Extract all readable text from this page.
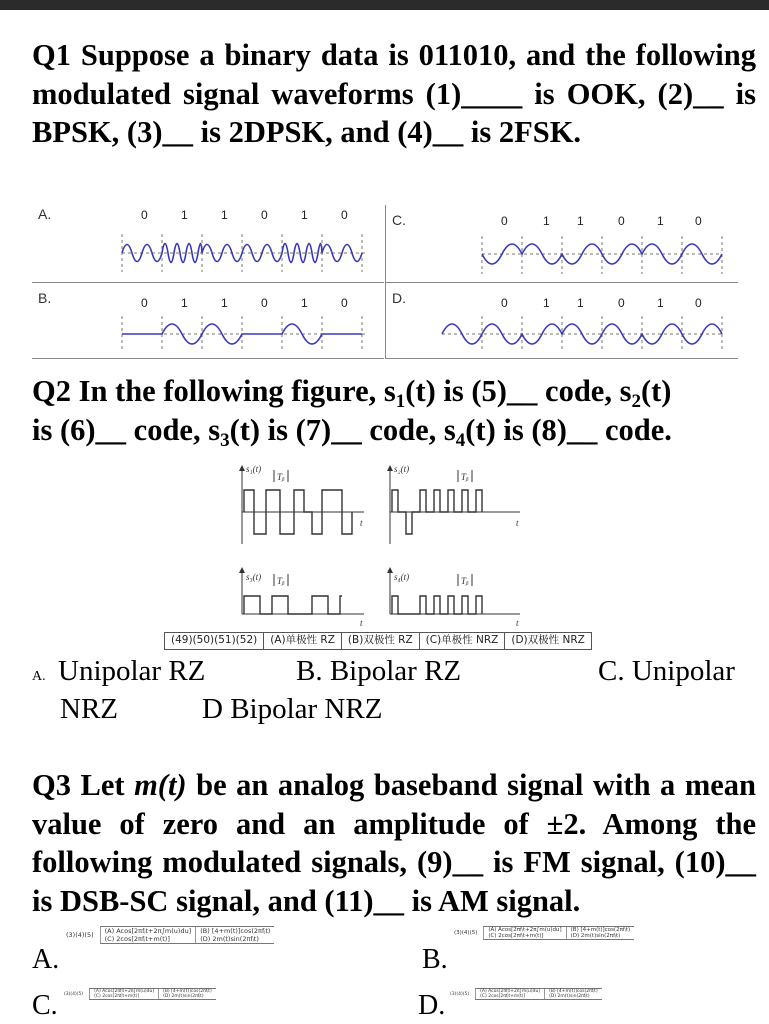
Q1 Suppose a binary data is 011010, and the following modulated signal waveforms (1)____ is OOK, (2)__ is BPSK, (3)__ is 2DPSK, and (4)__ is 2FSK.
A.	0	1	1	0	1	0
B.	0	1	1	0	1	0
C.	0	1 1	0	1	0
D.	0	1 1	0	1	0
Q2 In the following figure, $s_1(t)$ is (5)__ code, $s_2(t)$
is (6)__ code, $s_3(t)$ is (7)__ code, $s_4(t)$ is (8)__ code.
s₁(t)	s₂(t)
s₃(t)	s₄(t)
Tᵦ	Tᵦ
Tᵦ	Tᵦ
t	t
t	t
(49)(50)(51)(52)	(A)单极性 RZ	(B)双极性 RZ	(C)单极性 NRZ	(D)双极性 NRZ
A. Unipolar RZ	B. Bipolar RZ	C. Unipolar
NRZ	D Bipolar NRZ
Q3 Let m(t) be an analog baseband signal with a mean value of zero and an amplitude of ±2. Among the following modulated signals, (9)__ is FM signal, (10)__ is DSB-SC signal, and (11)__ is AM signal.
A.
(3)(4)(5)	(A) Acos[2πfⱼt+2π∫m(u)du]	(B) [4+m(t)]cos(2πfⱼt)
(C) 2cos[2πfⱼt+m(t)]	(D) 2m(t)sin(2πfⱼt)
B.
(3)(4)(5)	(A) Acos[2πfⱼt+2π∫m(u)du]	(B) [4+m(t)]cos(2πfⱼt)
(C) 2cos[2πfⱼt+m(t)]	(D) 2m(t)sin(2πfⱼt)
C. (3)(4)(5)	(A) Acos[2πfⱼt+2π∫m(u)du]	(B) [4+m(t)]cos(2πfⱼt)
(C) 2cos[2πfⱼt+m(t)]	(D) 2m(t)sin(2πfⱼt)	D. (3)(4)(5)	(A) Acos[2πfⱼt+2π∫m(u)du]	(B) [4+m(t)]cos(2πfⱼt)
(C) 2cos[2πfⱼt+m(t)]	(D) 2m(t)sin(2πfⱼt)
